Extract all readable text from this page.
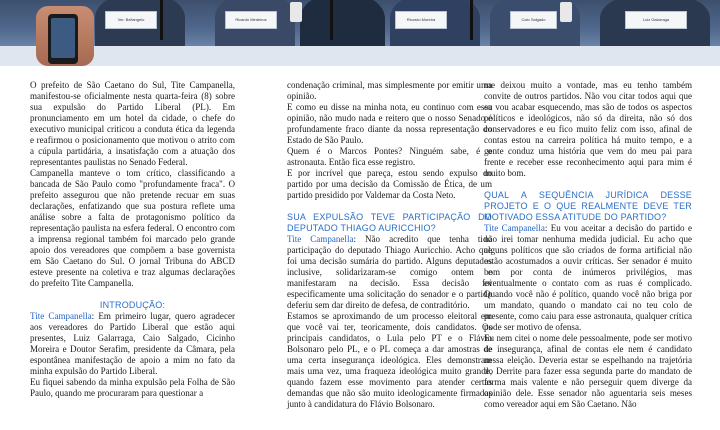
Ver. Bellangelo	Ricardo Medeiros	Ricardo Moreira	Caio Salgado	Luiz Galarraga

O prefeito de São Caetano do Sul, Tite Campanella, manifestou-se oficialmente nesta quarta-feira (8) sobre sua expulsão do Partido Liberal (PL). Em pronunciamento em um hotel da cidade, o chefe do executivo municipal criticou a conduta ética da legenda e reafirmou o posicionamento que motivou o atrito com a cúpula partidária, a insatisfação com a atuação dos representantes paulistas no Senado Federal.

Campanella manteve o tom crítico, classificando a bancada de São Paulo como "profundamente fraca". O prefeito assegurou que não pretende recuar em suas declarações, enfatizando que sua postura reflete uma análise sobre a falta de protagonismo político da representação paulista na esfera federal. O encontro com a imprensa regional também foi marcado pelo grande apoio dos vereadores que compõem a base governista em São Caetano do Sul. O jornal Tribuna do ABCD esteve presente na coletiva e traz algumas declarações do prefeito Tite Campanella.

INTRODUÇÃO:

Tite Campanella: Em primeiro lugar, quero agradecer aos vereadores do Partido Liberal que estão aqui presentes, Luiz Galarraga, Caio Salgado, Cicinho Moreira e Doutor Serafim, presidente da Câmara, pela espontânea manifestação de apoio a mim no fato da minha expulsão do Partido Liberal.

Eu fiquei sabendo da minha expulsão pela Folha de São Paulo, quando me procuraram para questionar a

condenação criminal, mas simplesmente por emitir uma opinião.

E como eu disse na minha nota, eu continuo com essa opinião, não mudo nada e reitero que o nosso Senado é profundamente fraco diante da nossa representação do Estado de São Paulo.

Quem é o Marcos Pontes? Ninguém sabe, é o astronauta. Então fica esse registro.

E por incrível que pareça, estou sendo expulso do partido por uma decisão da Comissão de Ética, de um partido presidido por Valdemar da Costa Neto.

SUA EXPULSÃO TEVE PARTICIPAÇÃO DO DEPUTADO THIAGO AURICCHIO?

Tite Campanella: Não acredito que tenha tido participação do deputado Thiago Auricchio. Acho que foi uma decisão sumária do partido. Alguns deputados inclusive, solidarizaram-se comigo ontem e manifestaram na decisão. Essa decisão foi especificamente uma solicitação do senador e o partido deferiu sem dar direito de defesa, de contraditório.

Estamos se aproximando de um processo eleitoral em que você vai ter, teoricamente, dois candidatos. Os principais candidatos, o Lula pelo PT e o Flávio Bolsonaro pelo PL, e o PL começa a dar amostras de uma certa insegurança ideológica. Eles demonstram mais uma vez, uma fraqueza ideológica muito grande, quando fazem esse movimento para atender certas demandas que não são muito ideologicamente firmadas junto à candidatura do Flávio Bolsonaro.

me deixou muito a vontade, mas eu tenho também convite de outros partidos. Não vou citar todos aqui que eu vou acabar esquecendo, mas são de todos os aspectos políticos e ideológicos, não só da direita, não só dos conservadores e eu fico muito feliz com isso, afinal de contas estou na carreira política há muito tempo, e a gente conduz uma história que vem do meu pai para frente e receber esse reconhecimento aqui para mim é muito bom.

QUAL A SEQUÊNCIA JURÍDICA DESSE PROJETO E O QUE REALMENTE DEVE TER MOTIVADO ESSA ATITUDE DO PARTIDO?

Tite Campanella: Eu vou aceitar a decisão do partido e não irei tomar nenhuma medida judicial. Eu acho que alguns políticos que são criados de forma artificial não estão acostumados a ouvir críticas. Ser senador é muito bom por conta de inúmeros privilégios, mas eventualmente o contato com as ruas é complicado. Quando você não é político, quando você não briga por um mandato, quando o mandato cai no teu colo de presente, como caiu para esse astronauta, qualquer crítica pode ser motivo de ofensa.

Eu nem citei o nome dele pessoalmente, pode ser motivo de insegurança, afinal de contas ele nem é candidato nessa eleição. Deveria estar se espelhando na trajetória do Derrite para fazer essa segunda parte do mandato de forma mais valente e não perseguir quem diverge da opinião dele. Esse senador não aguentaria seis meses como vereador aqui em São Caetano. Não
